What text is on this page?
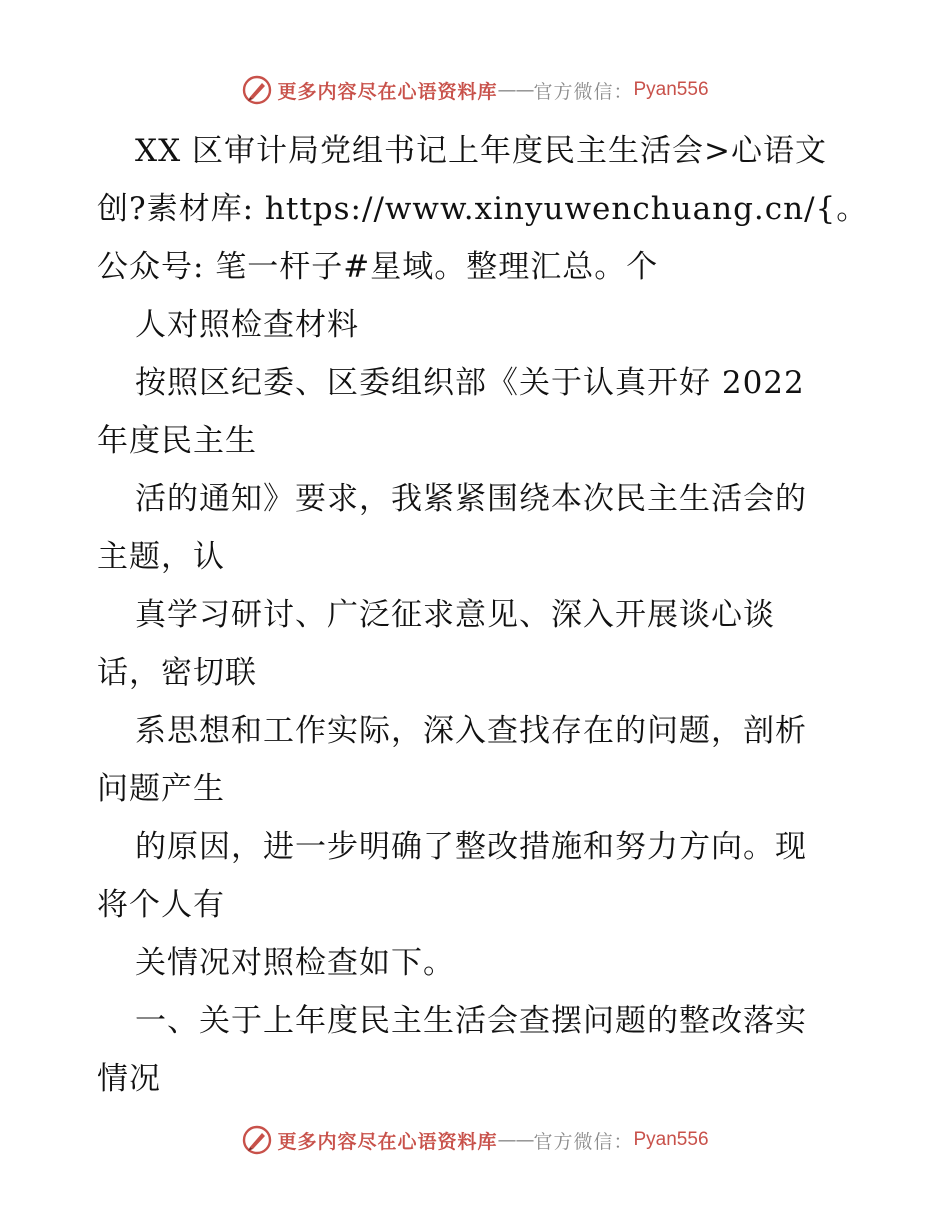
更多内容尽在心语资料库 —— 官方微信： Pyan556
XX 区审计局党组书记上年度民主生活会>心语文
创?素材库: https://www.xinyuwenchuang.cn/{。
公众号: 笔一杆子#星域。整理汇总。个
人对照检查材料
按照区纪委、区委组织部《关于认真开好 2022
年度民主生
活的通知》要求，我紧紧围绕本次民主生活会的
主题，认
真学习研讨、广泛征求意见、深入开展谈心谈
话，密切联
系思想和工作实际，深入查找存在的问题，剖析
问题产生
的原因，进一步明确了整改措施和努力方向。现
将个人有
关情况对照检查如下。
一、关于上年度民主生活会查摆问题的整改落实
情况
更多内容尽在心语资料库 —— 官方微信： Pyan556
